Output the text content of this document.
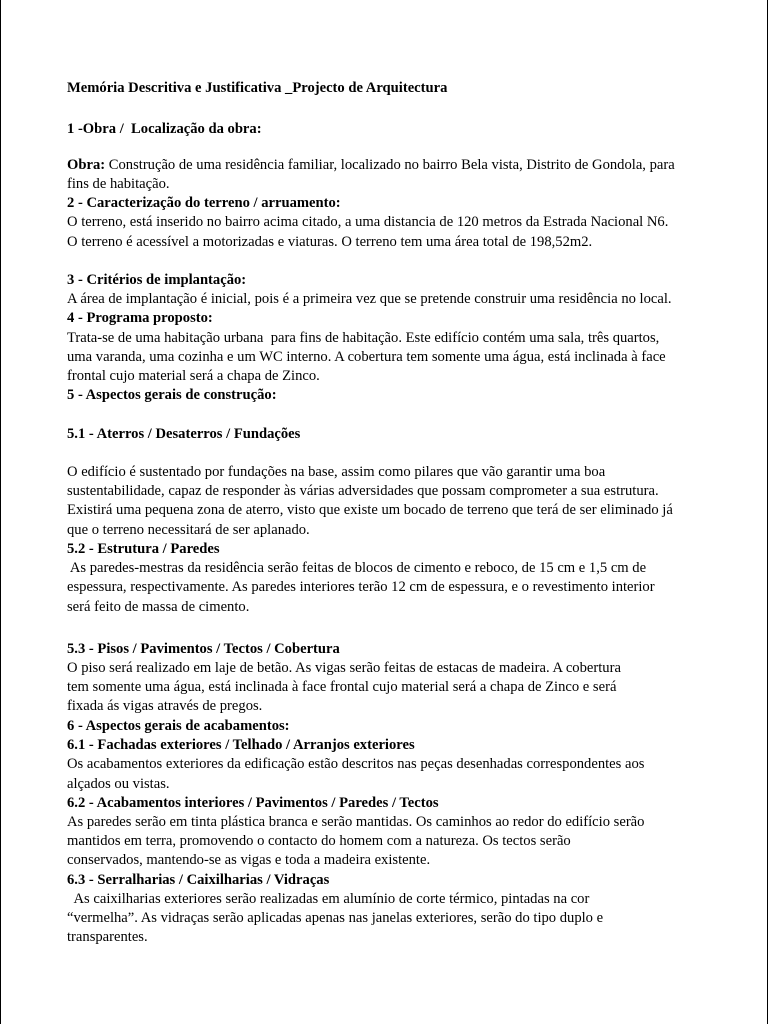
Memória Descritiva e Justificativa _Projecto de Arquitectura
1 -Obra /  Localização da obra:
Obra: Construção de uma residência familiar, localizado no bairro Bela vista, Distrito de Gondola, para
fins de habitação.
2 - Caracterização do terreno / arruamento:
O terreno, está inserido no bairro acima citado, a uma distancia de 120 metros da Estrada Nacional N6.
O terreno é acessível a motorizadas e viaturas. O terreno tem uma área total de 198,52m2.
3 - Critérios de implantação:
A área de implantação é inicial, pois é a primeira vez que se pretende construir uma residência no local.
4 - Programa proposto:
Trata-se de uma habitação urbana  para fins de habitação. Este edifício contém uma sala, três quartos,
uma varanda, uma cozinha e um WC interno. A cobertura tem somente uma água, está inclinada à face
frontal cujo material será a chapa de Zinco.
5 - Aspectos gerais de construção:
5.1 - Aterros / Desaterros / Fundações
O edifício é sustentado por fundações na base, assim como pilares que vão garantir uma boa
sustentabilidade, capaz de responder às várias adversidades que possam comprometer a sua estrutura.
Existirá uma pequena zona de aterro, visto que existe um bocado de terreno que terá de ser eliminado já
que o terreno necessitará de ser aplanado.
5.2 - Estrutura / Paredes
As paredes-mestras da residência serão feitas de blocos de cimento e reboco, de 15 cm e 1,5 cm de
espessura, respectivamente. As paredes interiores terão 12 cm de espessura, e o revestimento interior
será feito de massa de cimento.
5.3 - Pisos / Pavimentos / Tectos / Cobertura
O piso será realizado em laje de betão. As vigas serão feitas de estacas de madeira. A cobertura
tem somente uma água, está inclinada à face frontal cujo material será a chapa de Zinco e será
fixada ás vigas através de pregos.
6 - Aspectos gerais de acabamentos:
6.1 - Fachadas exteriores / Telhado / Arranjos exteriores
Os acabamentos exteriores da edificação estão descritos nas peças desenhadas correspondentes aos
alçados ou vistas.
6.2 - Acabamentos interiores / Pavimentos / Paredes / Tectos
As paredes serão em tinta plástica branca e serão mantidas. Os caminhos ao redor do edifício serão
mantidos em terra, promovendo o contacto do homem com a natureza. Os tectos serão
conservados, mantendo-se as vigas e toda a madeira existente.
6.3 - Serralharias / Caixilharias / Vidraças
As caixilharias exteriores serão realizadas em alumínio de corte térmico, pintadas na cor
“vermelha”. As vidraças serão aplicadas apenas nas janelas exteriores, serão do tipo duplo e
transparentes.
